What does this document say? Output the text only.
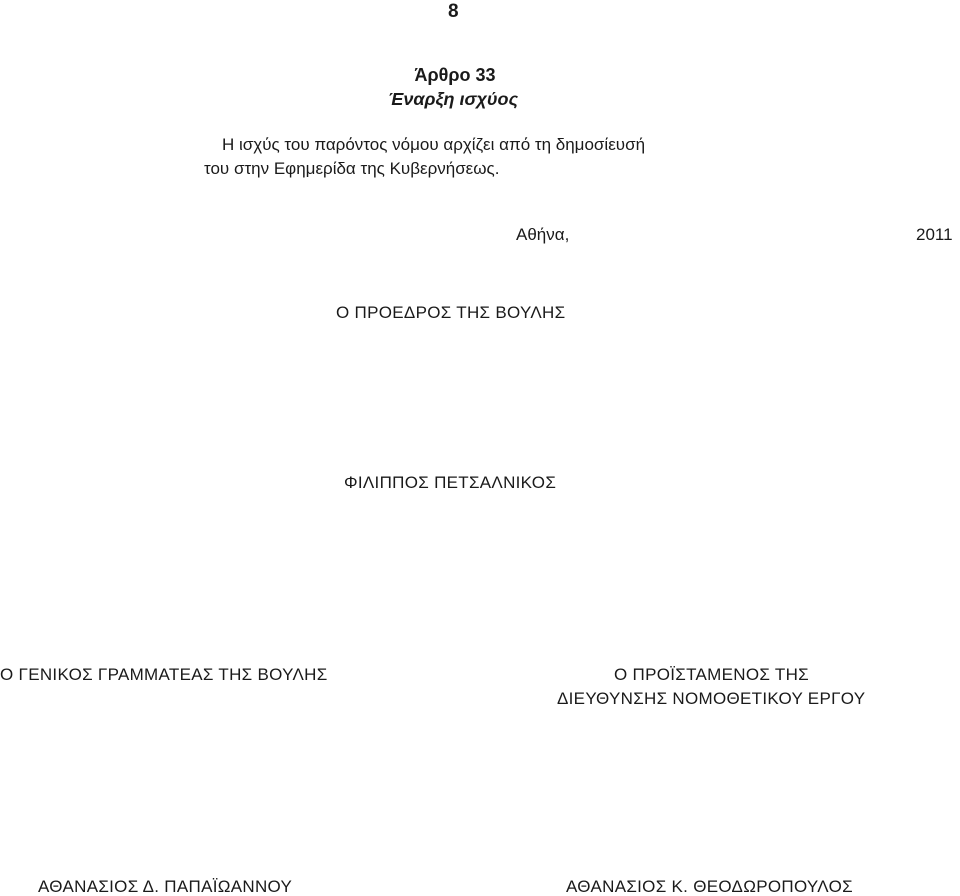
8
Άρθρο 33
Έναρξη ισχύος
Η ισχύς του παρόντος νόμου αρχίζει από τη δημοσίευσή
του στην Εφημερίδα της Κυβερνήσεως.
Αθήνα,	2011
Ο ΠΡΟΕΔΡΟΣ ΤΗΣ ΒΟΥΛΗΣ
ΦΙΛΙΠΠΟΣ ΠΕΤΣΑΛΝΙΚΟΣ
Ο ΓΕΝΙΚΟΣ ΓΡΑΜΜΑΤΕΑΣ ΤΗΣ ΒΟΥΛΗΣ	Ο ΠΡΟΪΣΤΑΜΕΝΟΣ ΤΗΣ
ΔΙΕΥΘΥΝΣΗΣ ΝΟΜΟΘΕΤΙΚΟΥ ΕΡΓΟΥ
ΑΘΑΝΑΣΙΟΣ Δ. ΠΑΠΑΪΩΑΝΝΟΥ	ΑΘΑΝΑΣΙΟΣ Κ. ΘΕΟΔΩΡΟΠΟΥΛΟΣ
